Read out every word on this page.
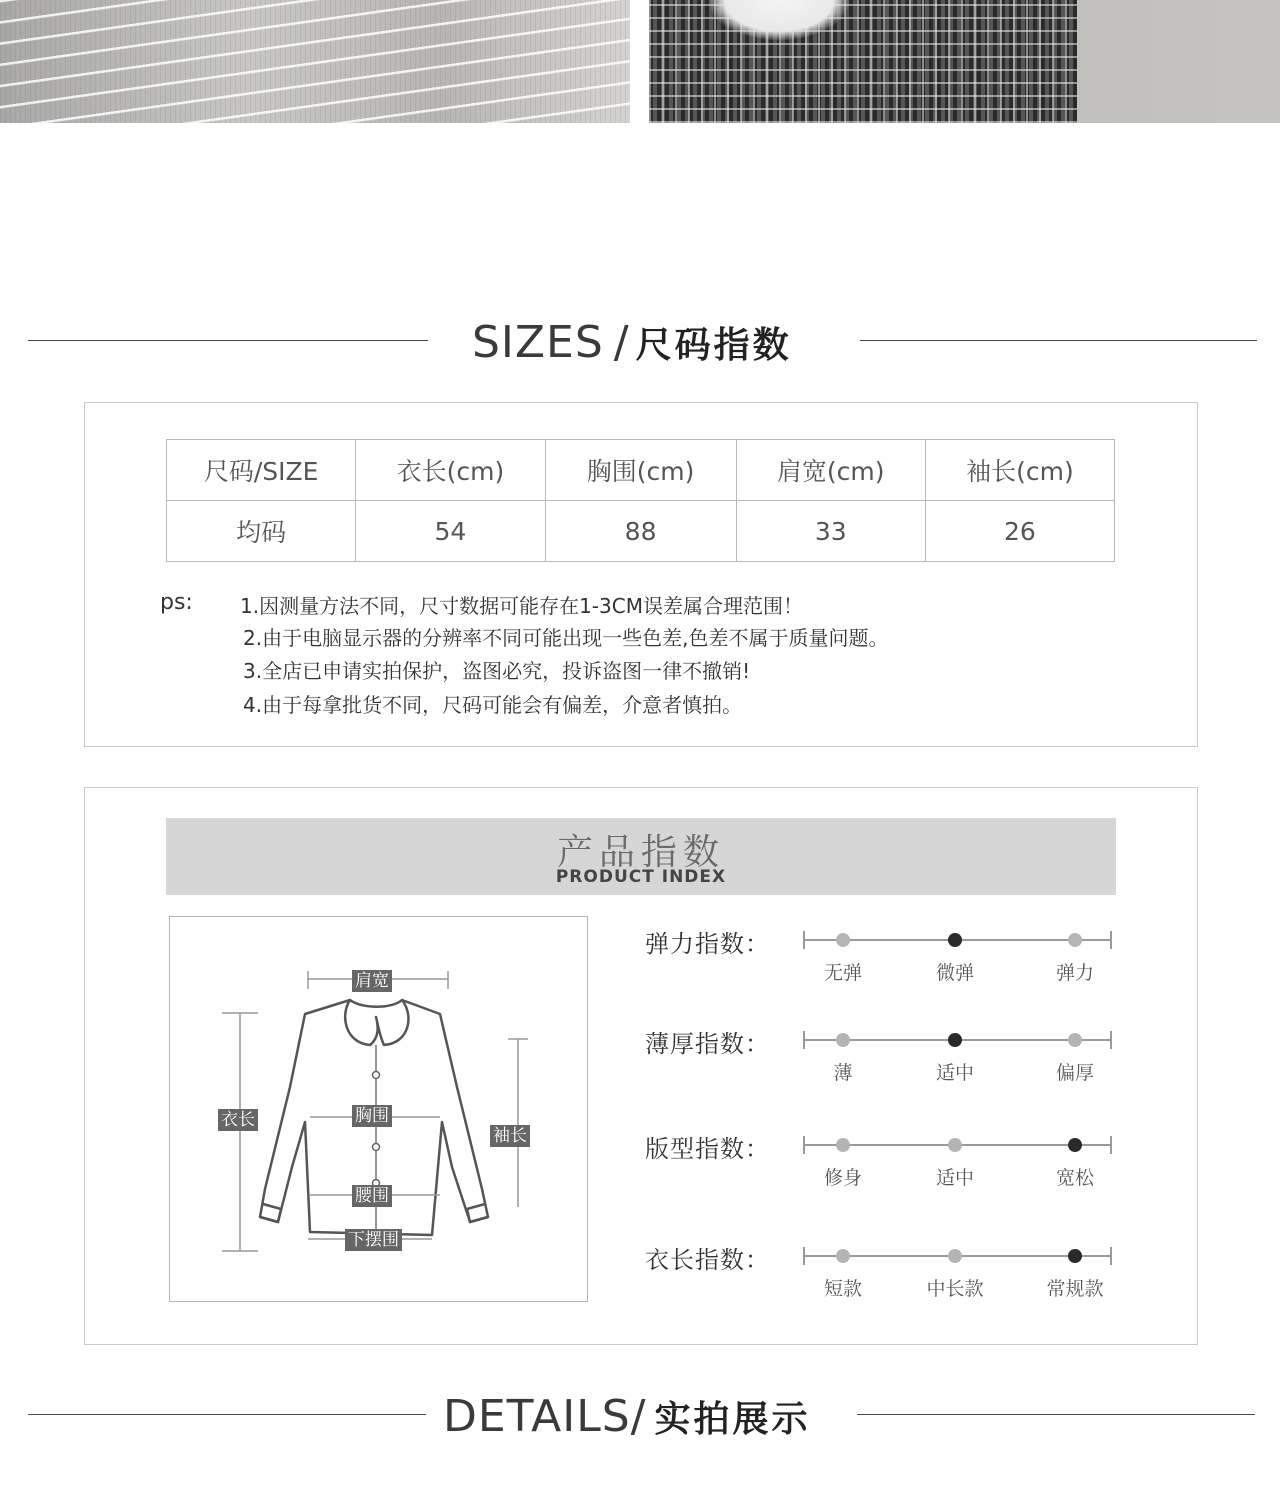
SIZES / 尺码指数
尺码/SIZE	衣长(cm)	胸围(cm)	肩宽(cm)	袖长(cm)
均码	54	88	33	26
ps: 1.因测量方法不同，尺寸数据可能存在1-3CM误差属合理范围！
2.由于电脑显示器的分辨率不同可能出现一些色差,色差不属于质量问题。
3.全店已申请实拍保护，盗图必究，投诉盗图一律不撤销!
4.由于每拿批货不同，尺码可能会有偏差，介意者慎拍。
产品指数
PRODUCT INDEX
肩宽
衣长	胸围
袖长
腰围
下摆围
弹力指数：
无弹	微弹	弹力
薄厚指数：
薄	适中	偏厚
版型指数：
修身	适中	宽松
衣长指数：
短款	中长款	常规款
DETAILS/ 实拍展示
